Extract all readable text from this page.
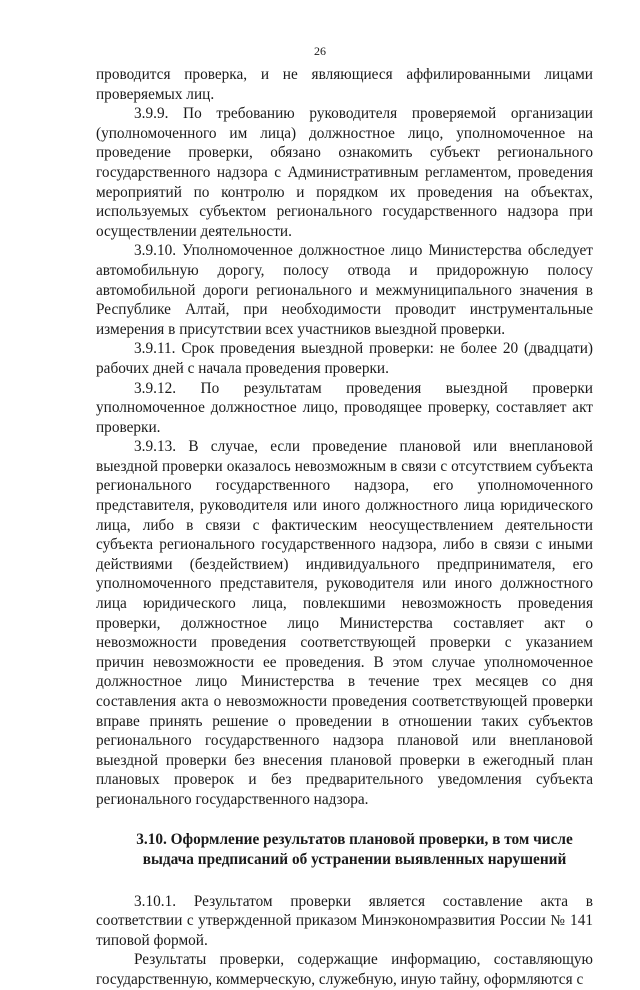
26

проводится проверка, и не являющиеся аффилированными лицами проверяемых лиц.

3.9.9. По требованию руководителя проверяемой организации (уполномоченного им лица) должностное лицо, уполномоченное на проведение проверки, обязано ознакомить субъект регионального государственного надзора с Административным регламентом, проведения мероприятий по контролю и порядком их проведения на объектах, используемых субъектом регионального государственного надзора при осуществлении деятельности.

3.9.10. Уполномоченное должностное лицо Министерства обследует автомобильную дорогу, полосу отвода и придорожную полосу автомобильной дороги регионального и межмуниципального значения в Республике Алтай, при необходимости проводит инструментальные измерения в присутствии всех участников выездной проверки.

3.9.11. Срок проведения выездной проверки: не более 20 (двадцати) рабочих дней с начала проведения проверки.

3.9.12. По результатам проведения выездной проверки уполномоченное должностное лицо, проводящее проверку, составляет акт проверки.

3.9.13. В случае, если проведение плановой или внеплановой выездной проверки оказалось невозможным в связи с отсутствием субъекта регионального государственного надзора, его уполномоченного представителя, руководителя или иного должностного лица юридического лица, либо в связи с фактическим неосуществлением деятельности субъекта регионального государственного надзора, либо в связи с иными действиями (бездействием) индивидуального предпринимателя, его уполномоченного представителя, руководителя или иного должностного лица юридического лица, повлекшими невозможность проведения проверки, должностное лицо Министерства составляет акт о невозможности проведения соответствующей проверки с указанием причин невозможности ее проведения. В этом случае уполномоченное должностное лицо Министерства в течение трех месяцев со дня составления акта о невозможности проведения соответствующей проверки вправе принять решение о проведении в отношении таких субъектов регионального государственного надзора плановой или внеплановой выездной проверки без внесения плановой проверки в ежегодный план плановых проверок и без предварительного уведомления субъекта регионального государственного надзора.

3.10. Оформление результатов плановой проверки, в том числе
выдача предписаний об устранении выявленных нарушений

3.10.1. Результатом проверки является составление акта в соответствии с утвержденной приказом Минэкономразвития России № 141 типовой формой.

Результаты проверки, содержащие информацию, составляющую государственную, коммерческую, служебную, иную тайну, оформляются с
